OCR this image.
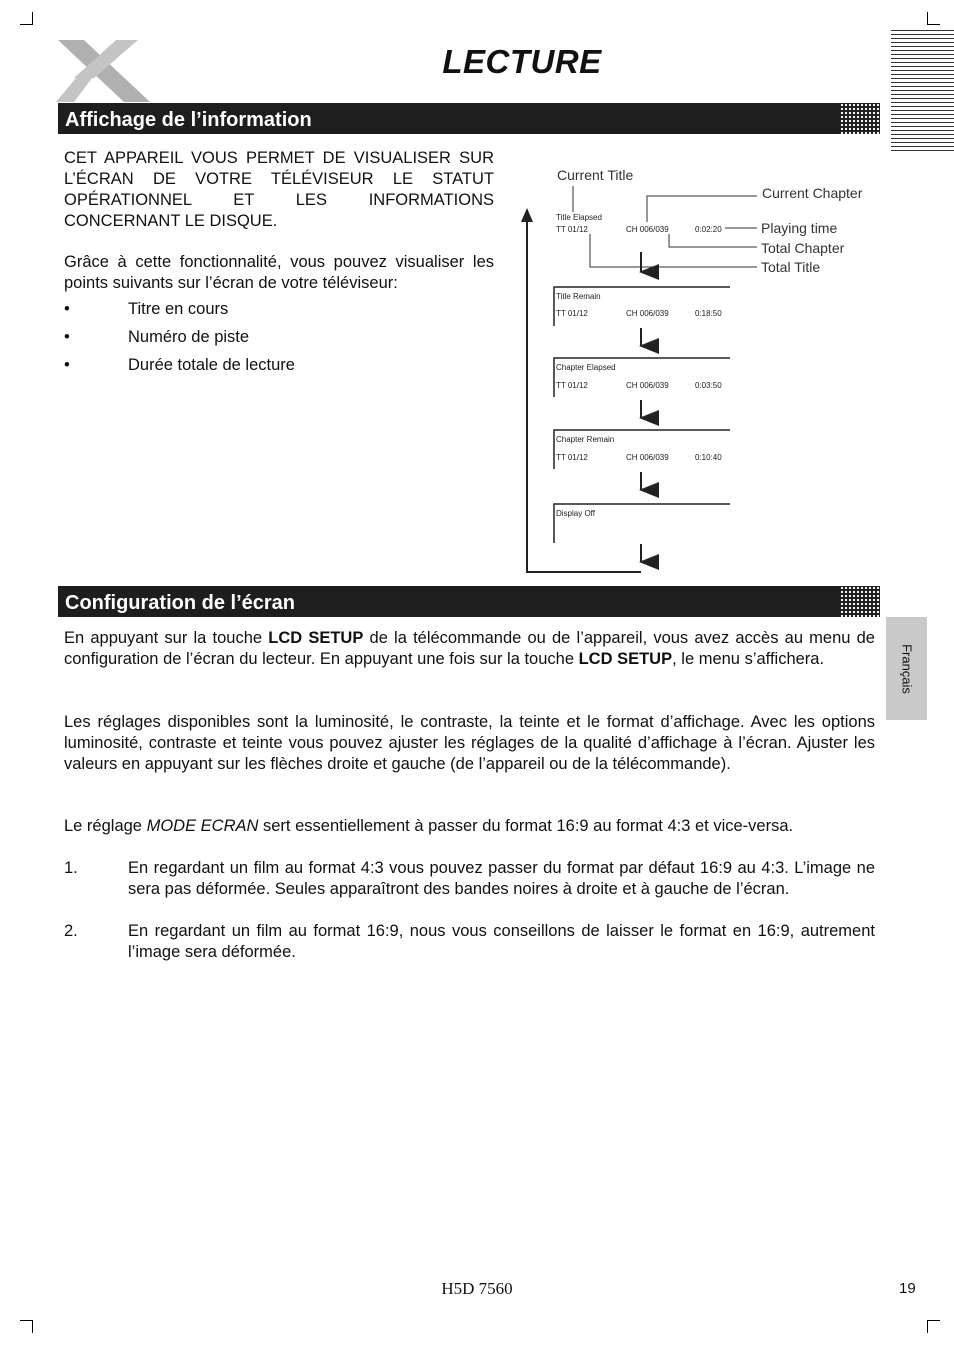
LECTURE
Affichage de l’information
CET APPAREIL VOUS PERMET DE VISUALISER SUR L’ÉCRAN DE VOTRE TÉLÉVISEUR LE STATUT OPÉRATIONNEL ET LES INFORMATIONS CONCERNANT LE DISQUE.
Grâce à cette fonctionnalité, vous pouvez visualiser les points suivants sur l’écran de votre téléviseur:
•	Titre en cours
•	Numéro de piste
•	Durée totale de lecture
Current Title
Current Chapter
Playing time
Total Chapter
Total Title
Title Elapsed
TT 01/12	CH 006/039	0:02:20
Title Remain
TT 01/12	CH 006/039	0:18:50
Chapter Elapsed
TT 01/12	CH 006/039	0:03:50
Chapter Remain
TT 01/12	CH 006/039	0:10:40
Display Off
Configuration de l’écran
En appuyant sur la touche LCD SETUP de la télécommande ou de l’appareil, vous avez accès au menu de configuration de l’écran du lecteur. En appuyant une fois sur la touche LCD SETUP, le menu s’affichera.
Les réglages disponibles sont la luminosité, le contraste, la teinte et le format d’affichage. Avec les options luminosité, contraste et teinte vous pouvez ajuster les réglages de la qualité d’affichage à l’écran. Ajuster les valeurs en appuyant sur les flèches droite et gauche (de l’appareil ou de la télécommande).
Le réglage MODE ECRAN sert essentiellement à passer du format 16:9 au format 4:3 et vice-versa.
1.	En regardant un film au format 4:3 vous pouvez passer du format par défaut 16:9 au 4:3. L’image ne sera pas déformée. Seules apparaîtront des bandes noires à droite et à gauche de l’écran.
2.	En regardant un film au format 16:9, nous vous conseillons de laisser le format en 16:9, autrement l’image sera déformée.
Français
H5D 7560	19
